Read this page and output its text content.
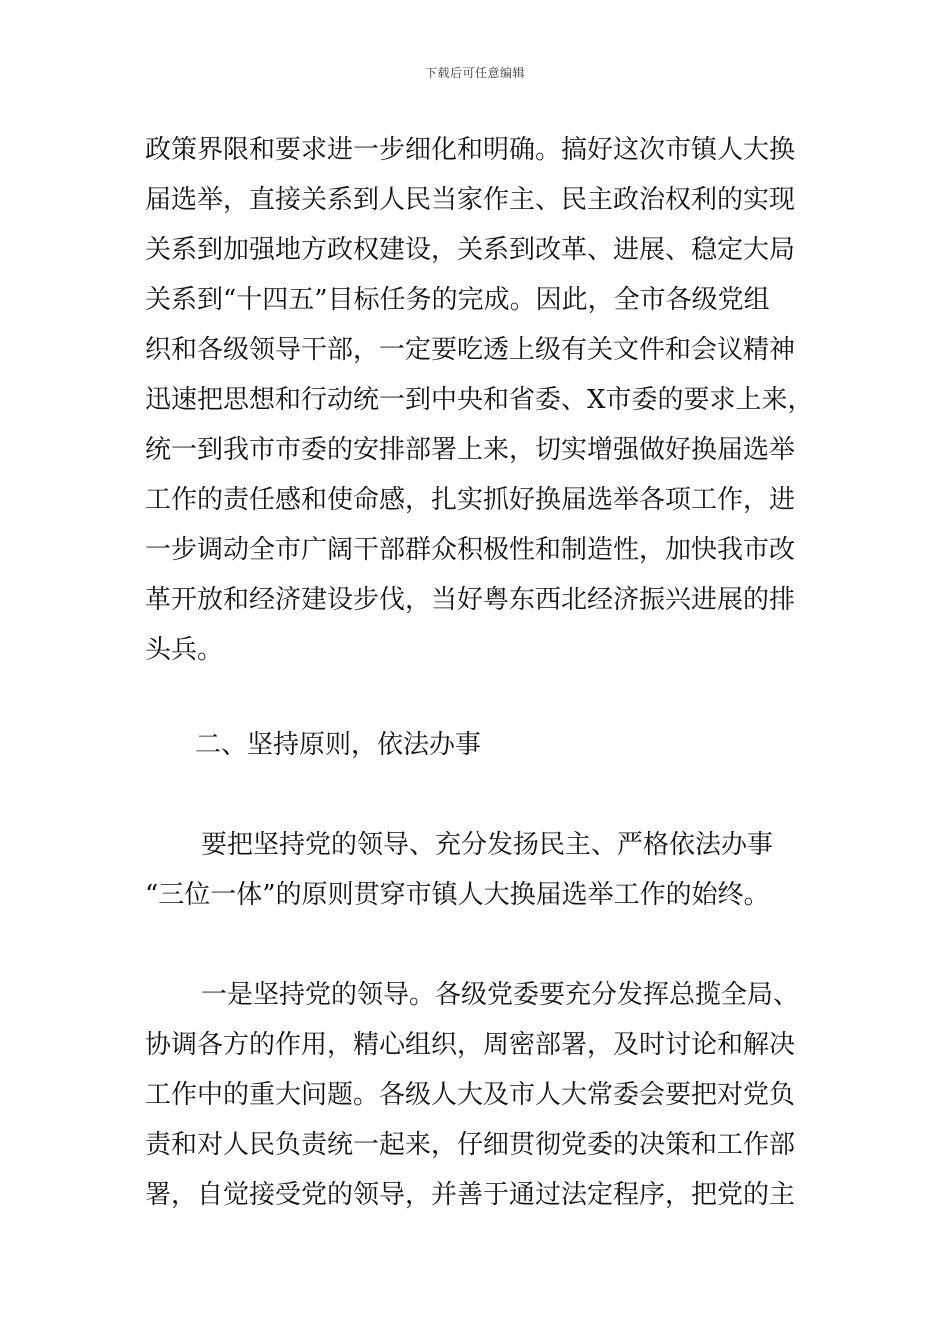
下载后可任意编辑
政策界限和要求进一步细化和明确。搞好这次市镇人大换
届选举，直接关系到人民当家作主、民主政治权利的实现
关系到加强地方政权建设，关系到改革、进展、稳定大局
关系到“十四五”目标任务的完成。因此，全市各级党组
织和各级领导干部，一定要吃透上级有关文件和会议精神
迅速把思想和行动统一到中央和省委、X市委的要求上来，
统一到我市市委的安排部署上来，切实增强做好换届选举
工作的责任感和使命感，扎实抓好换届选举各项工作，进
一步调动全市广阔干部群众积极性和制造性，加快我市改
革开放和经济建设步伐，当好粤东西北经济振兴进展的排
头兵。
二、坚持原则，依法办事
要把坚持党的领导、充分发扬民主、严格依法办事
“三位一体”的原则贯穿市镇人大换届选举工作的始终。
一是坚持党的领导。各级党委要充分发挥总揽全局、
协调各方的作用，精心组织，周密部署，及时讨论和解决
工作中的重大问题。各级人大及市人大常委会要把对党负
责和对人民负责统一起来，仔细贯彻党委的决策和工作部
署，自觉接受党的领导，并善于通过法定程序，把党的主
